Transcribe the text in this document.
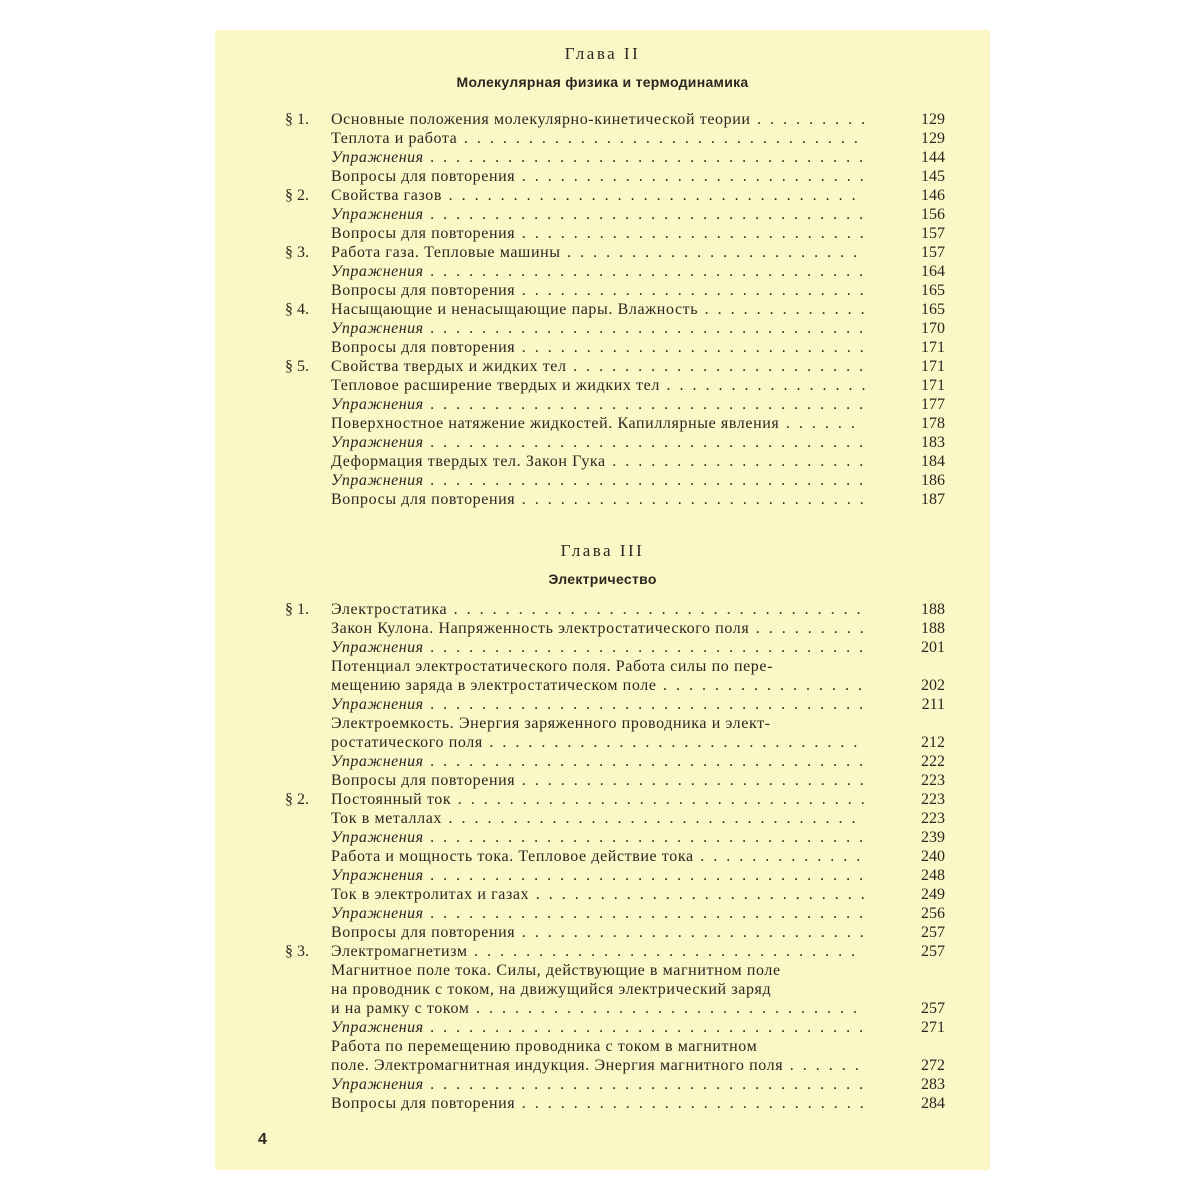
Глава II
Молекулярная физика и термодинамика
§ 1. Основные положения молекулярно-кинетической теории . . .	129
Теплота и работа . . .	129
Упражнения . . .	144
Вопросы для повторения . . .	145
§ 2. Свойства газов . . .	146
Упражнения . . .	156
Вопросы для повторения . . .	157
§ 3. Работа газа. Тепловые машины . . .	157
Упражнения . . .	164
Вопросы для повторения . . .	165
§ 4. Насыщающие и ненасыщающие пары. Влажность . . .	165
Упражнения . . .	170
Вопросы для повторения . . .	171
§ 5. Свойства твердых и жидких тел . . .	171
Тепловое расширение твердых и жидких тел . . .	171
Упражнения . . .	177
Поверхностное натяжение жидкостей. Капиллярные явления . . .	178
Упражнения . . .	183
Деформация твердых тел. Закон Гука . . .	184
Упражнения . . .	186
Вопросы для повторения . . .	187
Глава III
Электричество
§ 1. Электростатика . . .	188
Закон Кулона. Напряженность электростатического поля . . .	188
Упражнения . . .	201
Потенциал электростатического поля. Работа силы по пере-
мещению заряда в электростатическом поле . . .	202
Упражнения . . .	211
Электроемкость. Энергия заряженного проводника и элект-
ростатического поля . . .	212
Упражнения . . .	222
Вопросы для повторения . . .	223
§ 2. Постоянный ток . . .	223
Ток в металлах . . .	223
Упражнения . . .	239
Работа и мощность тока. Тепловое действие тока . . .	240
Упражнения . . .	248
Ток в электролитах и газах . . .	249
Упражнения . . .	256
Вопросы для повторения . . .	257
§ 3. Электромагнетизм . . .	257
Магнитное поле тока. Силы, действующие в магнитном поле
на проводник с током, на движущийся электрический заряд
и на рамку с током . . .	257
Упражнения . . .	271
Работа по перемещению проводника с током в магнитном
поле. Электромагнитная индукция. Энергия магнитного поля . . .	272
Упражнения . . .	283
Вопросы для повторения . . .	284
4
